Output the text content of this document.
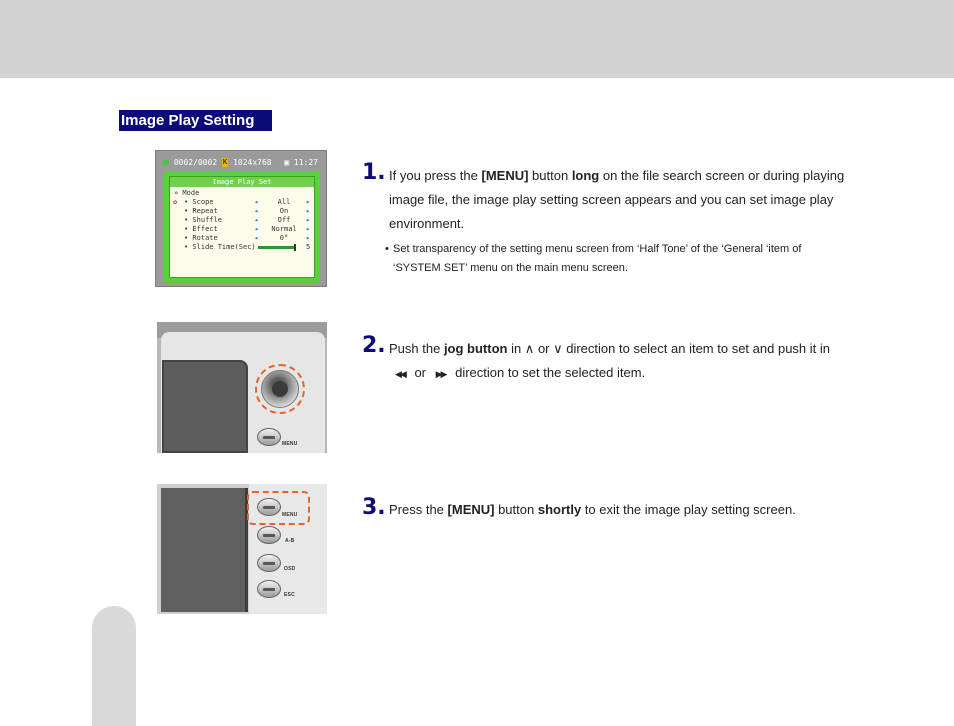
Image Play Setting
0002/0002 K 1024x768 ▣ 11:27
Image Play Set
» Mode
✿ • Scope	◂	All	▸
• Repeat	◂	On	▸
• Shuffle	◂	Off	▸
• Effect	◂	Normal	▸
• Rotate	◂	0°	▸
• Slide Time(Sec)	5
MENU
MENU
A-B
OSD
ESC
1. If you press the [MENU] button long on the file search screen or during playing image file, the image play setting screen appears and you can set image play environment.
• Set transparency of the setting menu screen from ‘Half Tone’ of the ‘General ‘item of ‘SYSTEM SET’ menu on the main menu screen.
2. Push the jog button in ∧ or ∨ direction to select an item to set and push it in ◀◀ or ▶▶ direction to set the selected item.
3. Press the [MENU] button shortly to exit the image play setting screen.
